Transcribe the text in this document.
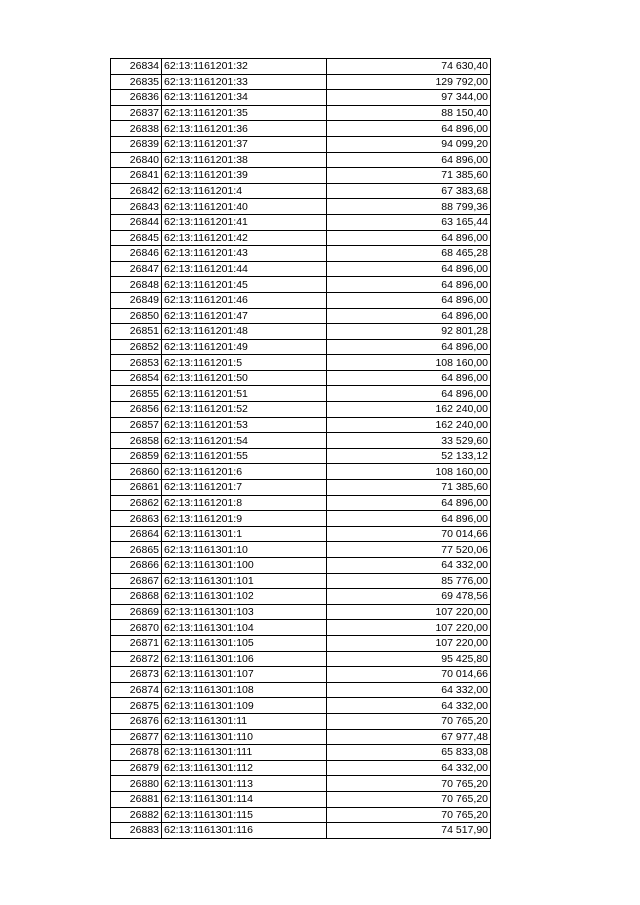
26834	62:13:1161201:32	74 630,40
26835	62:13:1161201:33	129 792,00
26836	62:13:1161201:34	97 344,00
26837	62:13:1161201:35	88 150,40
26838	62:13:1161201:36	64 896,00
26839	62:13:1161201:37	94 099,20
26840	62:13:1161201:38	64 896,00
26841	62:13:1161201:39	71 385,60
26842	62:13:1161201:4	67 383,68
26843	62:13:1161201:40	88 799,36
26844	62:13:1161201:41	63 165,44
26845	62:13:1161201:42	64 896,00
26846	62:13:1161201:43	68 465,28
26847	62:13:1161201:44	64 896,00
26848	62:13:1161201:45	64 896,00
26849	62:13:1161201:46	64 896,00
26850	62:13:1161201:47	64 896,00
26851	62:13:1161201:48	92 801,28
26852	62:13:1161201:49	64 896,00
26853	62:13:1161201:5	108 160,00
26854	62:13:1161201:50	64 896,00
26855	62:13:1161201:51	64 896,00
26856	62:13:1161201:52	162 240,00
26857	62:13:1161201:53	162 240,00
26858	62:13:1161201:54	33 529,60
26859	62:13:1161201:55	52 133,12
26860	62:13:1161201:6	108 160,00
26861	62:13:1161201:7	71 385,60
26862	62:13:1161201:8	64 896,00
26863	62:13:1161201:9	64 896,00
26864	62:13:1161301:1	70 014,66
26865	62:13:1161301:10	77 520,06
26866	62:13:1161301:100	64 332,00
26867	62:13:1161301:101	85 776,00
26868	62:13:1161301:102	69 478,56
26869	62:13:1161301:103	107 220,00
26870	62:13:1161301:104	107 220,00
26871	62:13:1161301:105	107 220,00
26872	62:13:1161301:106	95 425,80
26873	62:13:1161301:107	70 014,66
26874	62:13:1161301:108	64 332,00
26875	62:13:1161301:109	64 332,00
26876	62:13:1161301:11	70 765,20
26877	62:13:1161301:110	67 977,48
26878	62:13:1161301:111	65 833,08
26879	62:13:1161301:112	64 332,00
26880	62:13:1161301:113	70 765,20
26881	62:13:1161301:114	70 765,20
26882	62:13:1161301:115	70 765,20
26883	62:13:1161301:116	74 517,90
